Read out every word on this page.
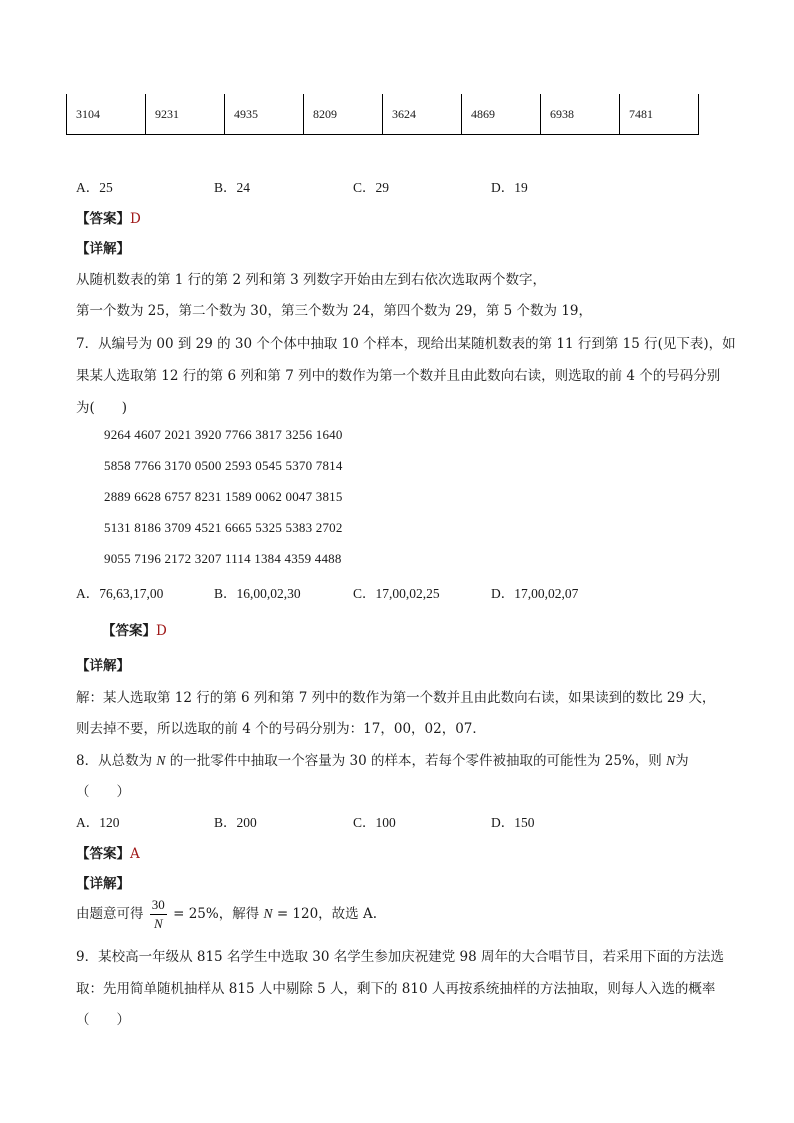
3104	9231	4935	8209	3624	4869	6938	7481
A．25	B．24	C．29	D．19
【答案】D
【详解】
从随机数表的第 1 行的第 2 列和第 3 列数字开始由左到右依次选取两个数字，
第一个数为 25，第二个数为 30，第三个数为 24，第四个数为 29，第 5 个数为 19，
7．从编号为 00 到 29 的 30 个个体中抽取 10 个样本，现给出某随机数表的第 11 行到第 15 行(见下表)，如
果某人选取第 12 行的第 6 列和第 7 列中的数作为第一个数并且由此数向右读，则选取的前 4 个的号码分别
为(　　)
9264 4607 2021 3920 7766 3817 3256 1640
5858 7766 3170 0500 2593 0545 5370 7814
2889 6628 6757 8231 1589 0062 0047 3815
5131 8186 3709 4521 6665 5325 5383 2702
9055 7196 2172 3207 1114 1384 4359 4488
A．76,63,17,00	B．16,00,02,30	C．17,00,02,25	D．17,00,02,07
【答案】D
【详解】
解：某人选取第 12 行的第 6 列和第 7 列中的数作为第一个数并且由此数向右读，如果读到的数比 29 大，
则去掉不要，所以选取的前 4 个的号码分别为：17，00，02，07．
8．从总数为 N 的一批零件中抽取一个容量为 30 的样本，若每个零件被抽取的可能性为 25%，则 N为
（　　）
A．120	B．200	C．100	D．150
【答案】A
【详解】
由题意可得 $\frac{30}{N} = 25\%$，解得 N = 120，故选 A.
9．某校高一年级从 815 名学生中选取 30 名学生参加庆祝建党 98 周年的大合唱节目，若采用下面的方法选
取：先用简单随机抽样从 815 人中剔除 5 人，剩下的 810 人再按系统抽样的方法抽取，则每人入选的概率
（　　）
